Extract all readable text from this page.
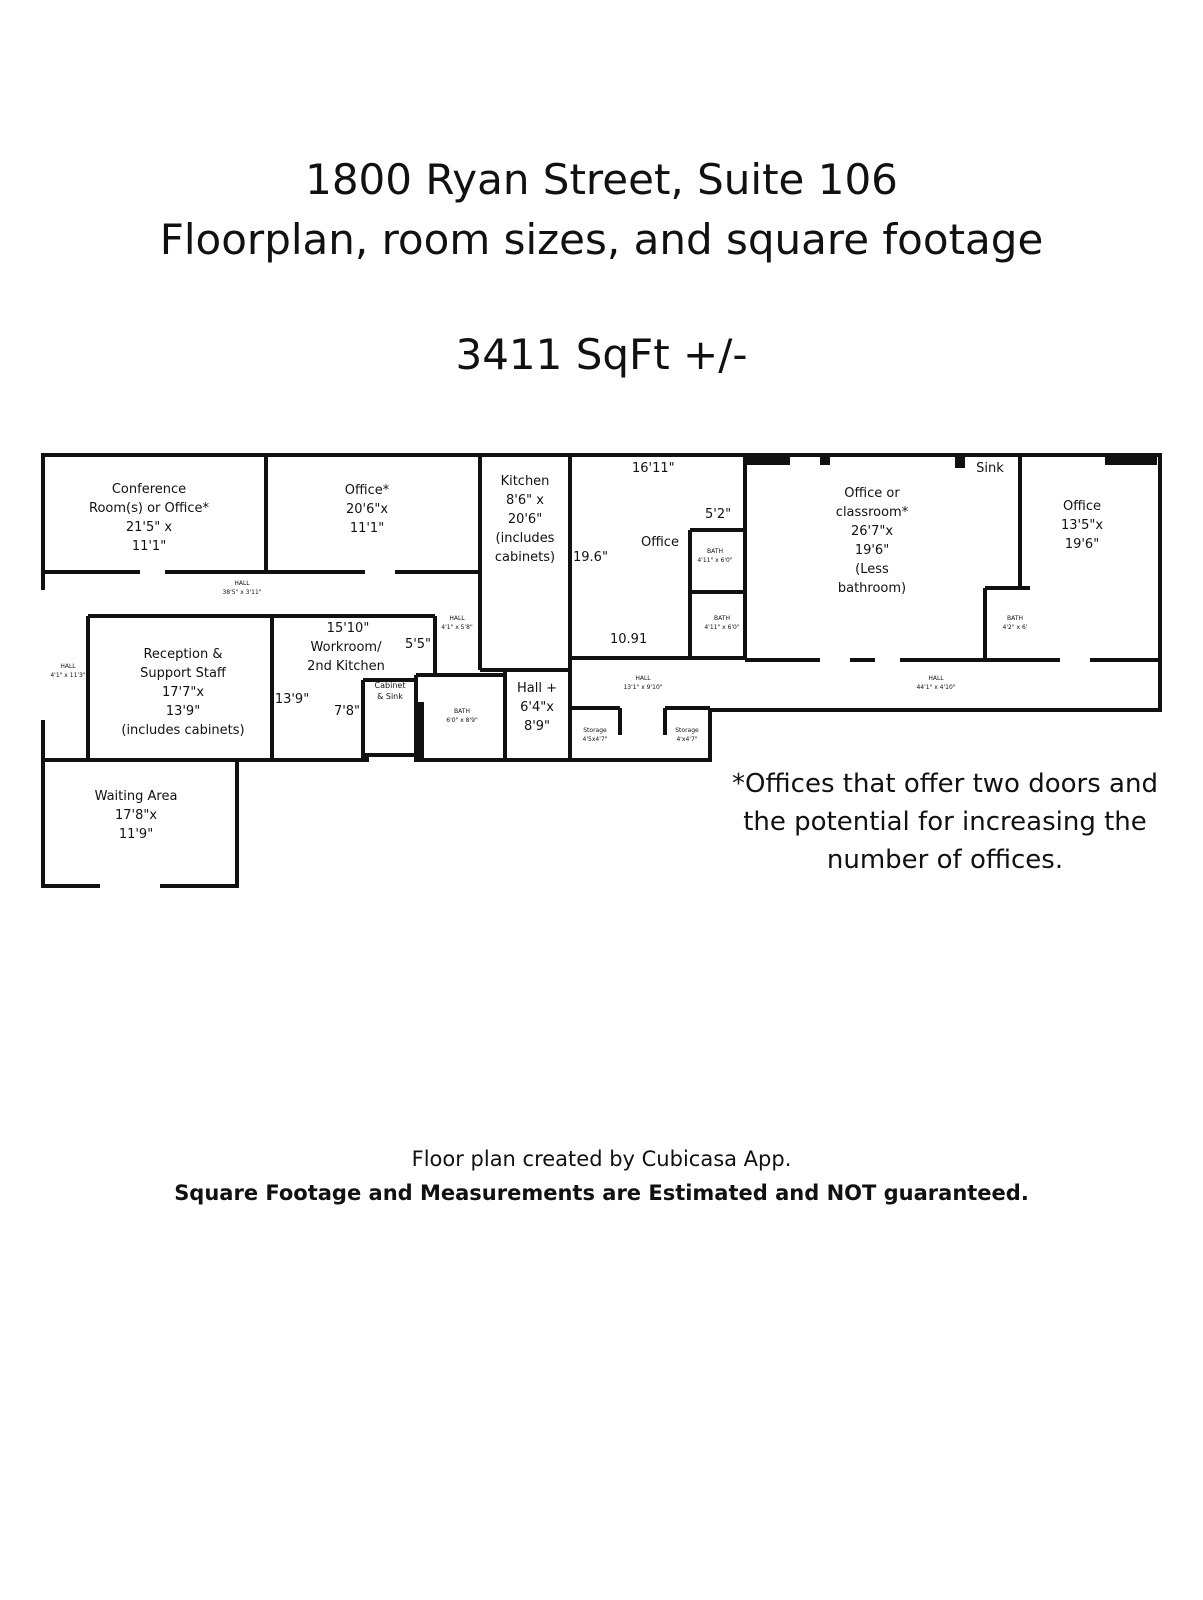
1800 Ryan Street, Suite 106
Floorplan, room sizes, and square footage
3411 SqFt +/-
Conference
Room(s) or Office*
21'5" x
11'1"
Office*
20'6"x
11'1"
Kitchen
8'6" x
20'6"
(includes
cabinets)
16'11"
Office
19.6"
10.91
5'2"
Office or
classroom*
26'7"x
19'6"
(Less
bathroom)
Sink
Office
13'5"x
19'6"
Reception &
Support Staff
17'7"x
13'9"
(includes cabinets)
15'10"
Workroom/
2nd Kitchen
5'5"
13'9"
7'8"
Cabinet
& Sink
Hall +
6'4"x
8'9"
Waiting Area
17'8"x
11'9"
HALL
38'5" x 3'11"
HALL
4'1" x 11'3"
HALL
4'1" x 5'8"
BATH
6'0" x 8'9"
BATH
4'11" x 6'0"
BATH
4'11" x 6'0"
BATH
4'2" x 6'
HALL
13'1" x 9'10"
HALL
44'1" x 4'10"
Storage
4'5x4'7"
Storage
4'x4'7"
*Offices that offer two doors and the potential for increasing the number of offices.
Floor plan created by Cubicasa App.
Square Footage and Measurements are Estimated and NOT guaranteed.
